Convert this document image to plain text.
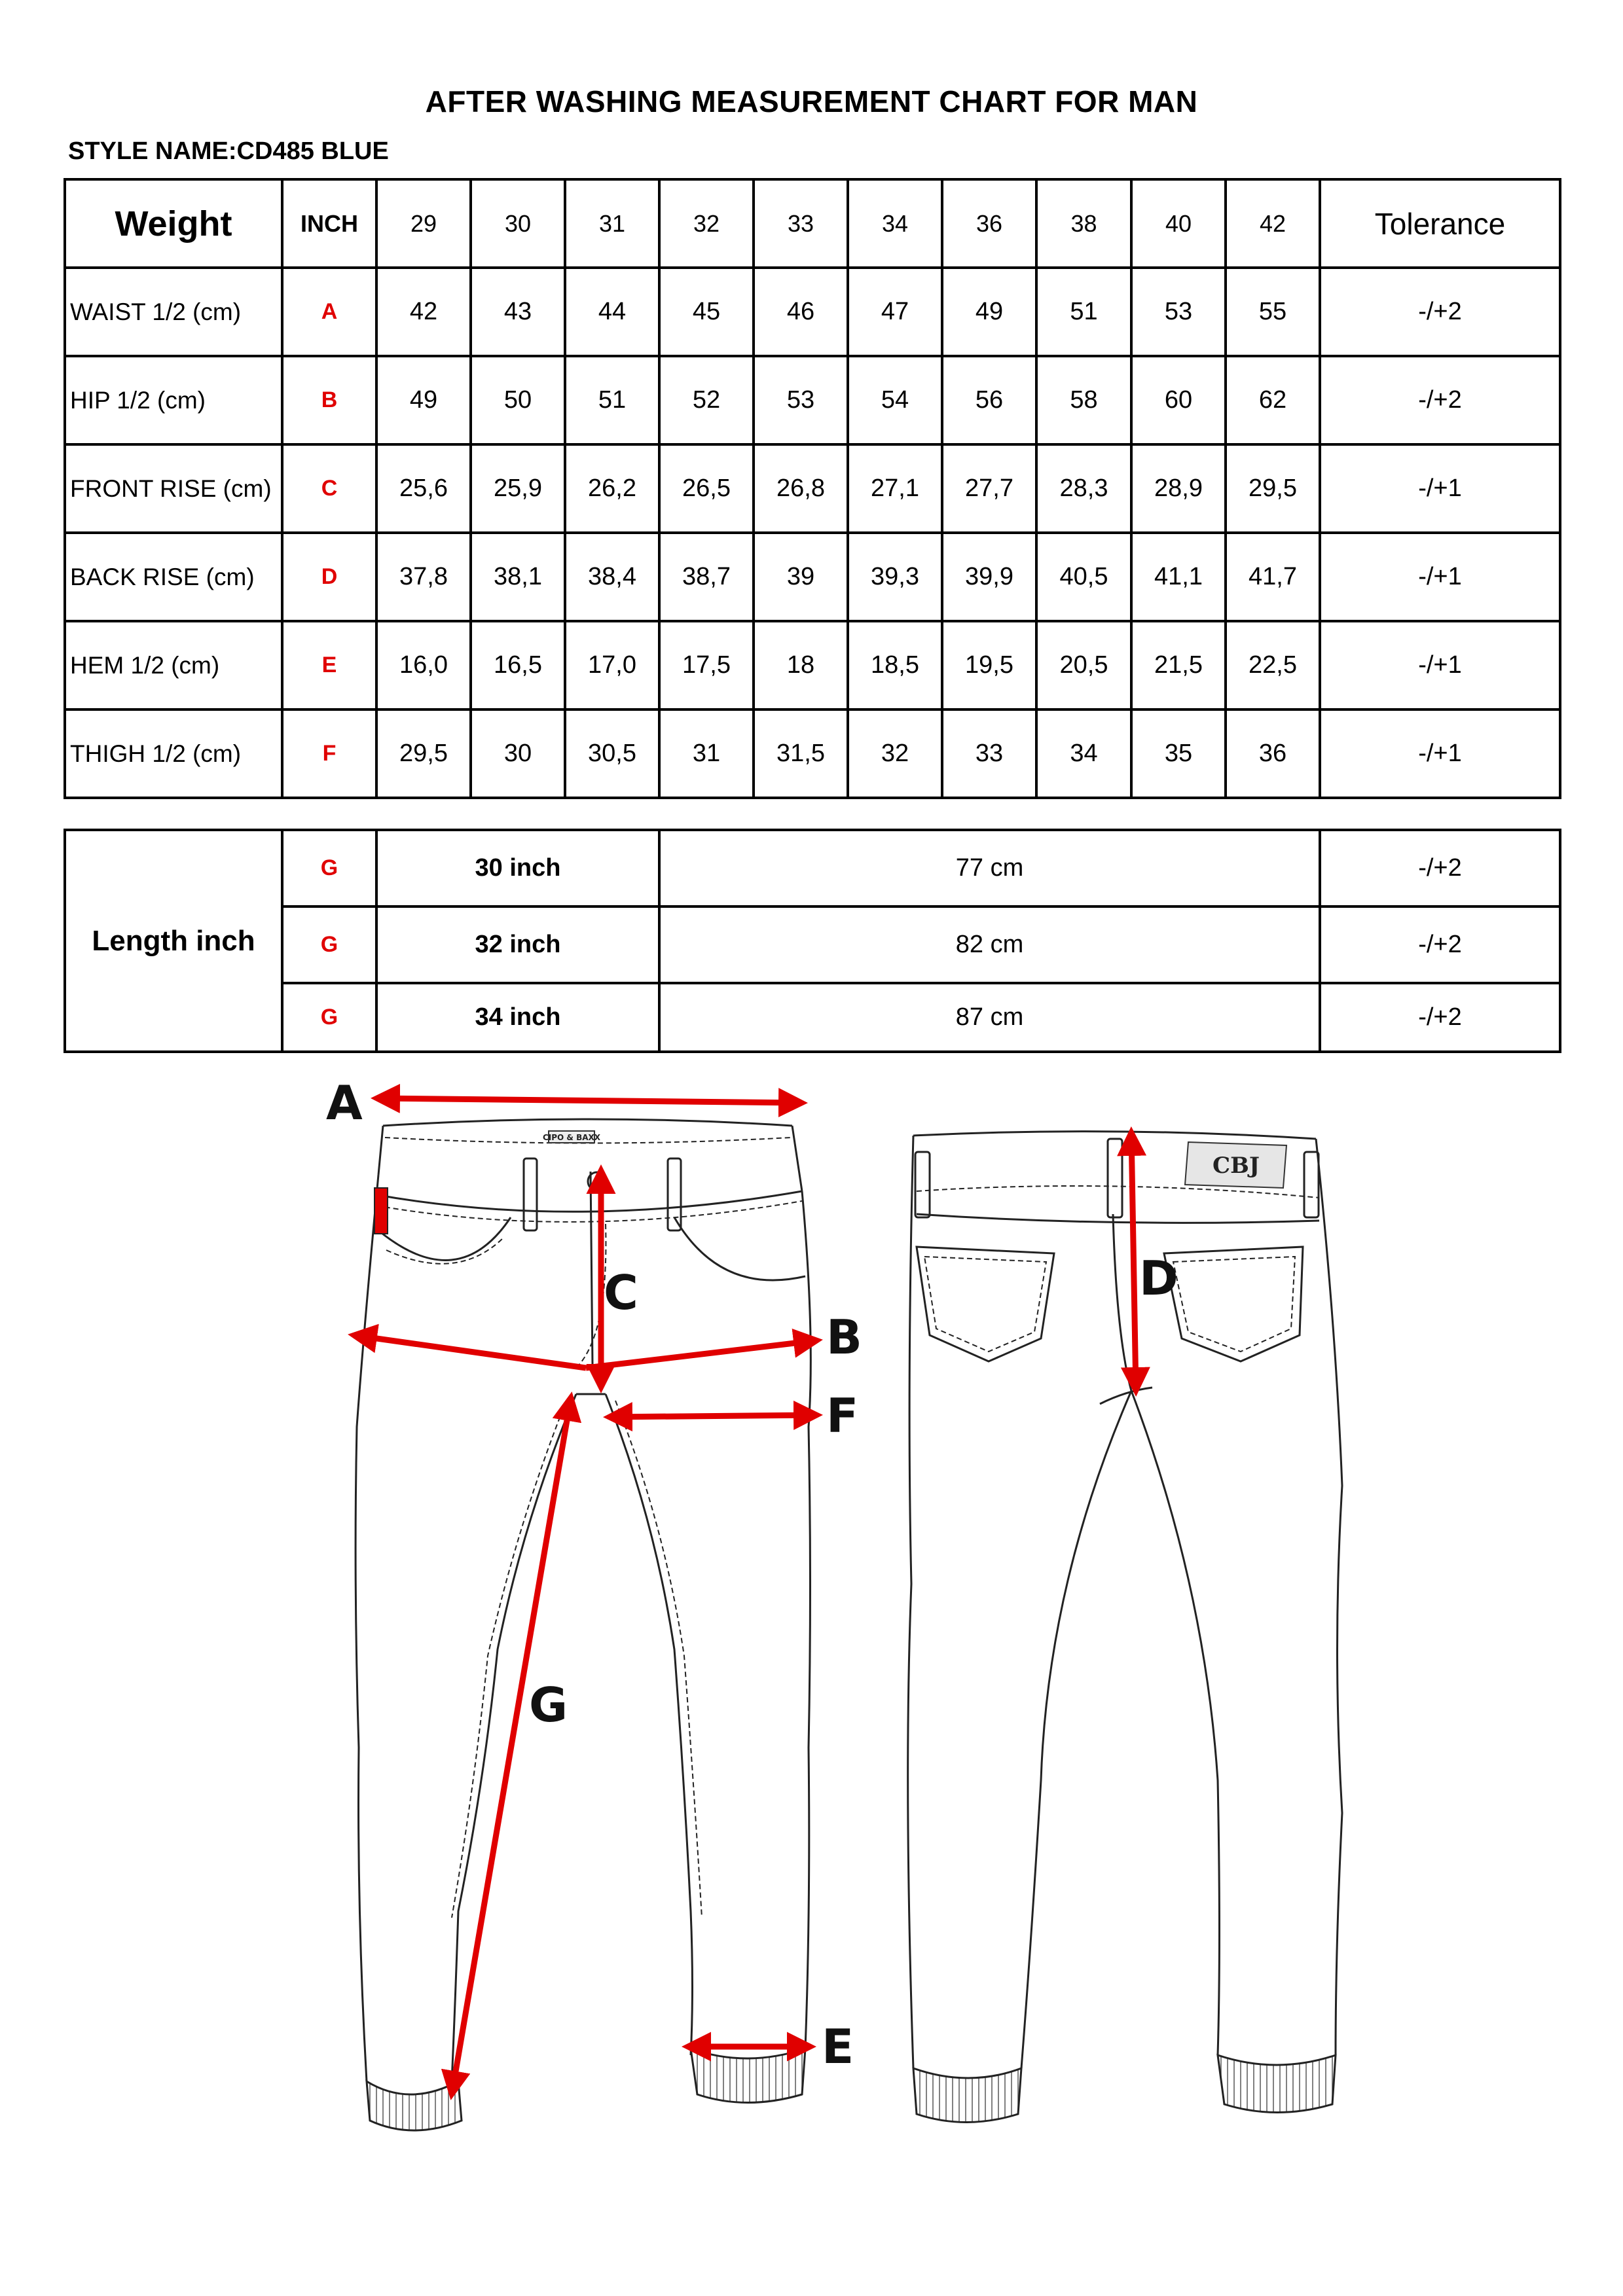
AFTER WASHING MEASUREMENT CHART FOR MAN
STYLE NAME:CD485 BLUE
Weight	INCH	29	30	31	32	33	34	36	38	40	42	Tolerance
WAIST 1/2 (cm)	A	42	43	44	45	46	47	49	51	53	55	-/+2
HIP 1/2 (cm)	B	49	50	51	52	53	54	56	58	60	62	-/+2
FRONT RISE (cm)	C	25,6	25,9	26,2	26,5	26,8	27,1	27,7	28,3	28,9	29,5	-/+1
BACK RISE (cm)	D	37,8	38,1	38,4	38,7	39	39,3	39,9	40,5	41,1	41,7	-/+1
HEM 1/2 (cm)	E	16,0	16,5	17,0	17,5	18	18,5	19,5	20,5	21,5	22,5	-/+1
THIGH 1/2 (cm)	F	29,5	30	30,5	31	31,5	32	33	34	35	36	-/+1
Length inch	G	30 inch	77 cm	-/+2
	G	32 inch	82 cm	-/+2
	G	34 inch	87 cm	-/+2
CIPO & BAXX
CBJ
A
B
C	D
E
F
G
